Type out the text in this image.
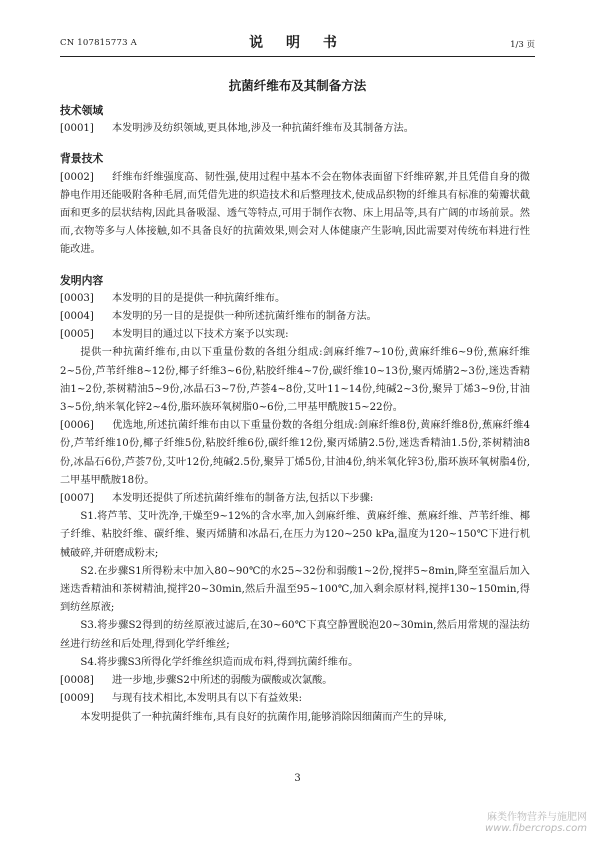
CN 107815773 A	说 明 书	1/3 页
抗菌纤维布及其制备方法
技术领域
[0001] 本发明涉及纺织领域,更具体地,涉及一种抗菌纤维布及其制备方法。
背景技术
[0002] 纤维布纤维强度高、韧性强,使用过程中基本不会在物体表面留下纤维碎絮,并且凭借自身的微静电作用还能吸附各种毛屑,而凭借先进的织造技术和后整理技术,使成品织物的纤维具有标准的菊瓣状截面和更多的层状结构,因此具备吸湿、透气等特点,可用于制作衣物、床上用品等,具有广阔的市场前景。然而,衣物等多与人体接触,如不具备良好的抗菌效果,则会对人体健康产生影响,因此需要对传统布料进行性能改进。
发明内容
[0003] 本发明的目的是提供一种抗菌纤维布。
[0004] 本发明的另一目的是提供一种所述抗菌纤维布的制备方法。
[0005] 本发明目的通过以下技术方案予以实现:
提供一种抗菌纤维布,由以下重量份数的各组分组成:剑麻纤维7~10份,黄麻纤维6~9份,蕉麻纤维2~5份,芦苇纤维8~12份,椰子纤维3~6份,粘胶纤维4~7份,碳纤维10~13份,聚丙烯腈2~3份,迷迭香精油1~2份,茶树精油5~9份,冰晶石3~7份,芦荟4~8份,艾叶11~14份,纯碱2~3份,聚异丁烯3~9份,甘油3~5份,纳米氧化锌2~4份,脂环族环氧树脂0~6份,二甲基甲酰胺15~22份。
[0006] 优选地,所述抗菌纤维布由以下重量份数的各组分组成:剑麻纤维8份,黄麻纤维8份,蕉麻纤维4份,芦苇纤维10份,椰子纤维5份,粘胶纤维6份,碳纤维12份,聚丙烯腈2.5份,迷迭香精油1.5份,茶树精油8份,冰晶石6份,芦荟7份,艾叶12份,纯碱2.5份,聚异丁烯5份,甘油4份,纳米氧化锌3份,脂环族环氧树脂4份,二甲基甲酰胺18份。
[0007] 本发明还提供了所述抗菌纤维布的制备方法,包括以下步骤:
S1.将芦苇、艾叶洗净,干燥至9~12%的含水率,加入剑麻纤维、黄麻纤维、蕉麻纤维、芦苇纤维、椰子纤维、粘胶纤维、碳纤维、聚丙烯腈和冰晶石,在压力为120~250 kPa,温度为120~150℃下进行机械破碎,并研磨成粉末;
S2.在步骤S1所得粉末中加入80~90℃的水25~32份和弱酸1~2份,搅拌5~8min,降至室温后加入迷迭香精油和茶树精油,搅拌20~30min,然后升温至95~100℃,加入剩余原材料,搅拌130~150min,得到纺丝原液;
S3.将步骤S2得到的纺丝原液过滤后,在30~60℃下真空静置脱泡20~30min,然后用常规的湿法纺丝进行纺丝和后处理,得到化学纤维丝;
S4.将步骤S3所得化学纤维丝织造而成布料,得到抗菌纤维布。
[0008] 进一步地,步骤S2中所述的弱酸为碳酸或次氯酸。
[0009] 与现有技术相比,本发明具有以下有益效果:
本发明提供了一种抗菌纤维布,具有良好的抗菌作用,能够消除因细菌而产生的异味,
3
麻类作物营养与施肥网
www.fibercrops.com
